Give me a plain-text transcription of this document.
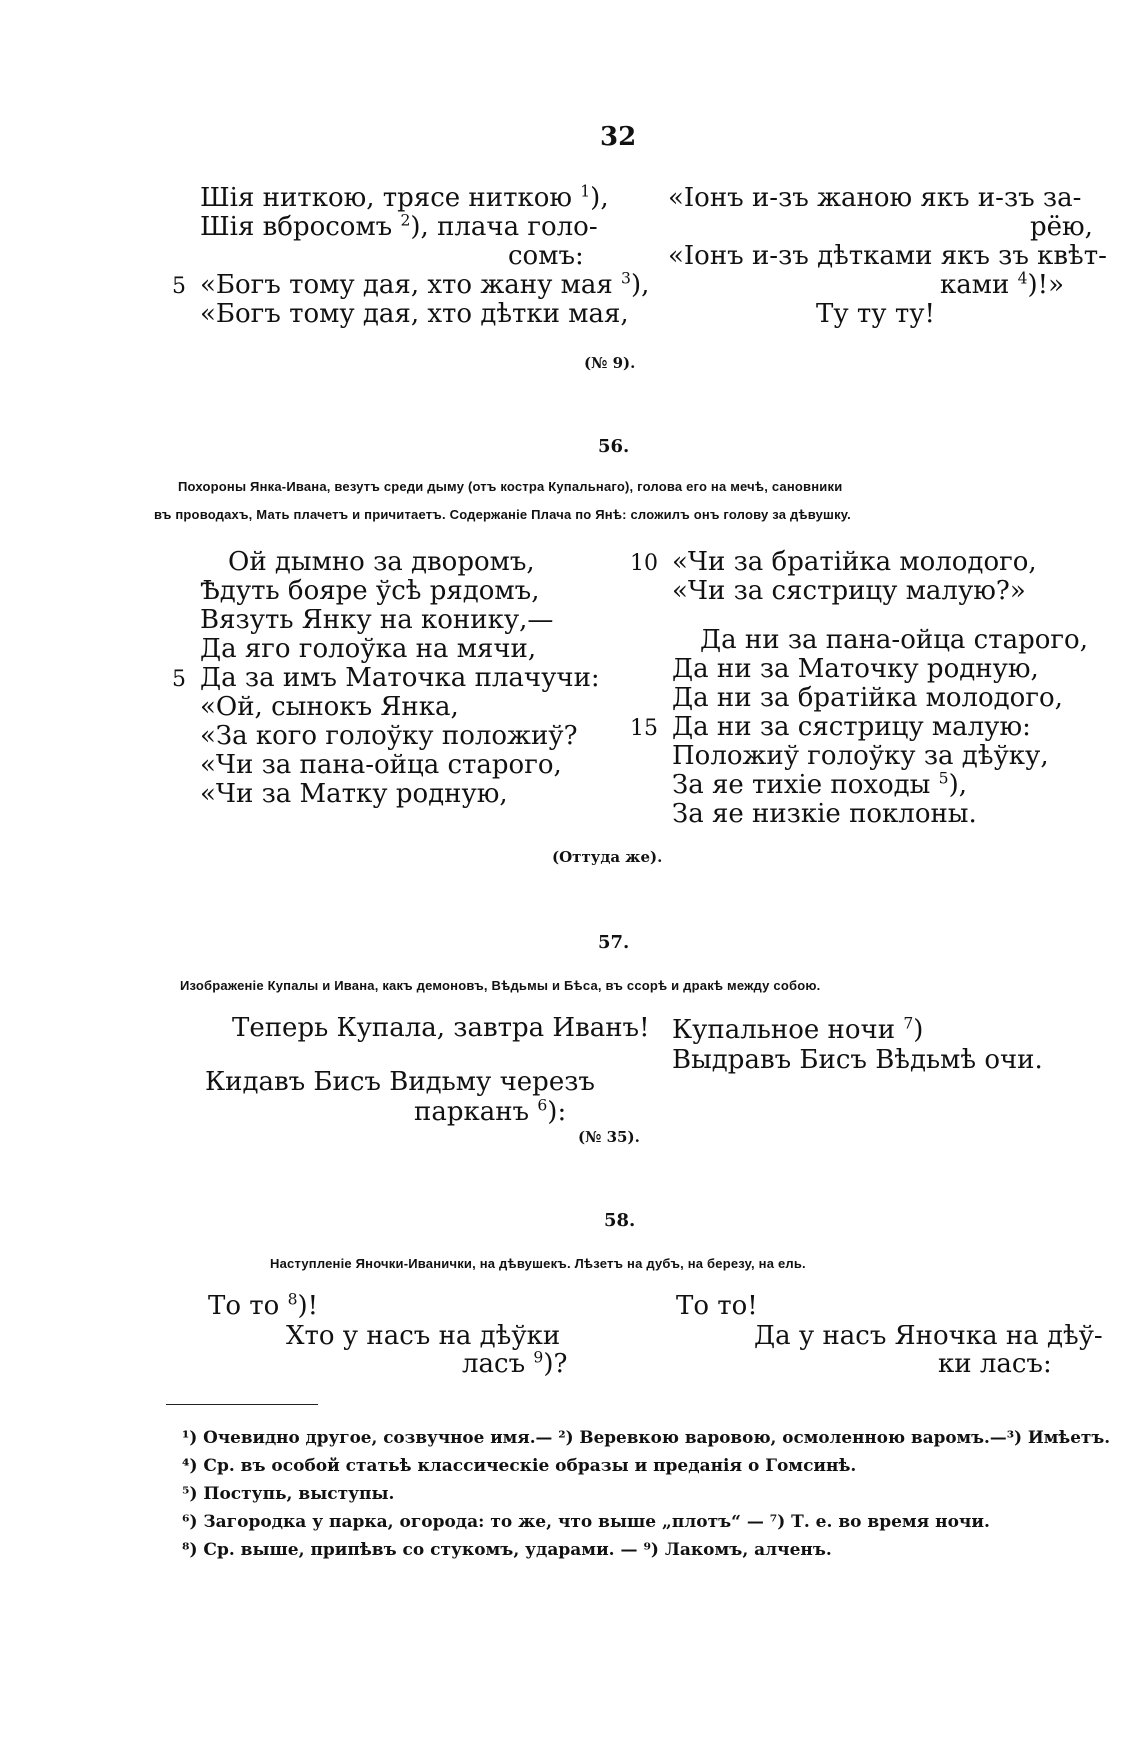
32
Шія ниткою, трясе ниткою $^1$),
Шія вброcомъ $^2$), плача голо-
сомъ:
5 «Богъ тому дая, хто жану мая $^3$),
«Богъ тому дая, хто дѣтки мая,
«Іонъ и-зъ жаною якъ и-зъ за-
рёю,
«Іонъ и-зъ дѣтками якъ зъ квѣт-
ками $^4$)!»
Ту ту ту!
(№ 9).
56.
Похороны Янка-Ивана, везутъ среди дыму (отъ костра Купальнаго), голова его на мечѣ, сановники
въ проводахъ, Мать плачетъ и причитаетъ. Содержаніе Плача по Янѣ: сложилъ онъ голову за дѣвушку.
Ой дымно за дворомъ,
Ѣдуть бояре ўсѣ рядомъ,
Вязуть Янку на конику,—
Да яго голоўка на мячи,
5 Да за имъ Маточка плачучи:
«Ой, сынокъ Янка,
«За кого голоўку положиў?
«Чи за пана-ойца старого,
«Чи за Матку родную,
10 «Чи за братійка молодого,
«Чи за сястрицу малую?»
Да ни за пана-ойца старого,
Да ни за Маточку родную,
Да ни за братійка молодого,
15 Да ни за сястрицу малую:
Положиў голоўку за дѣўку,
За яе тихіе походы $^5$),
За яе низкіе поклоны.
(Оттуда же).
57.
Изображеніе Купалы и Ивана, какъ демоновъ, Вѣдьмы и Бѣса, въ ссорѣ и дракѣ между собою.
Теперь Купала, завтра Иванъ!
Кидавъ Бисъ Видьму черезъ
парканъ $^6$):
Купальное ночи $^7$)
Выдравъ Бисъ Вѣдьмѣ очи.
(№ 35).
58.
Наступленіе Яночки-Иванички, на дѣвушекъ. Лѣзетъ на дубъ, на березу, на ель.
То то $^8$)!
Хто у насъ на дѣўки
ласъ $^9$)?
То то!
Да у насъ Яночка на дѣў-
ки ласъ:
¹) Очевидно другое, созвучное имя.— ²) Веревкою варовою, осмоленною варомъ.—³) Имѣетъ.
⁴) Ср. въ особой статьѣ классическіе образы и преданія о Гомсинѣ.
⁵) Поступь, выступы.
⁶) Загородка у парка, огорода: то же, что выше „плотъ“ — ⁷) Т. е. во время ночи.
⁸) Ср. выше, припѣвъ со стукомъ, ударами. — ⁹) Лакомъ, алченъ.
